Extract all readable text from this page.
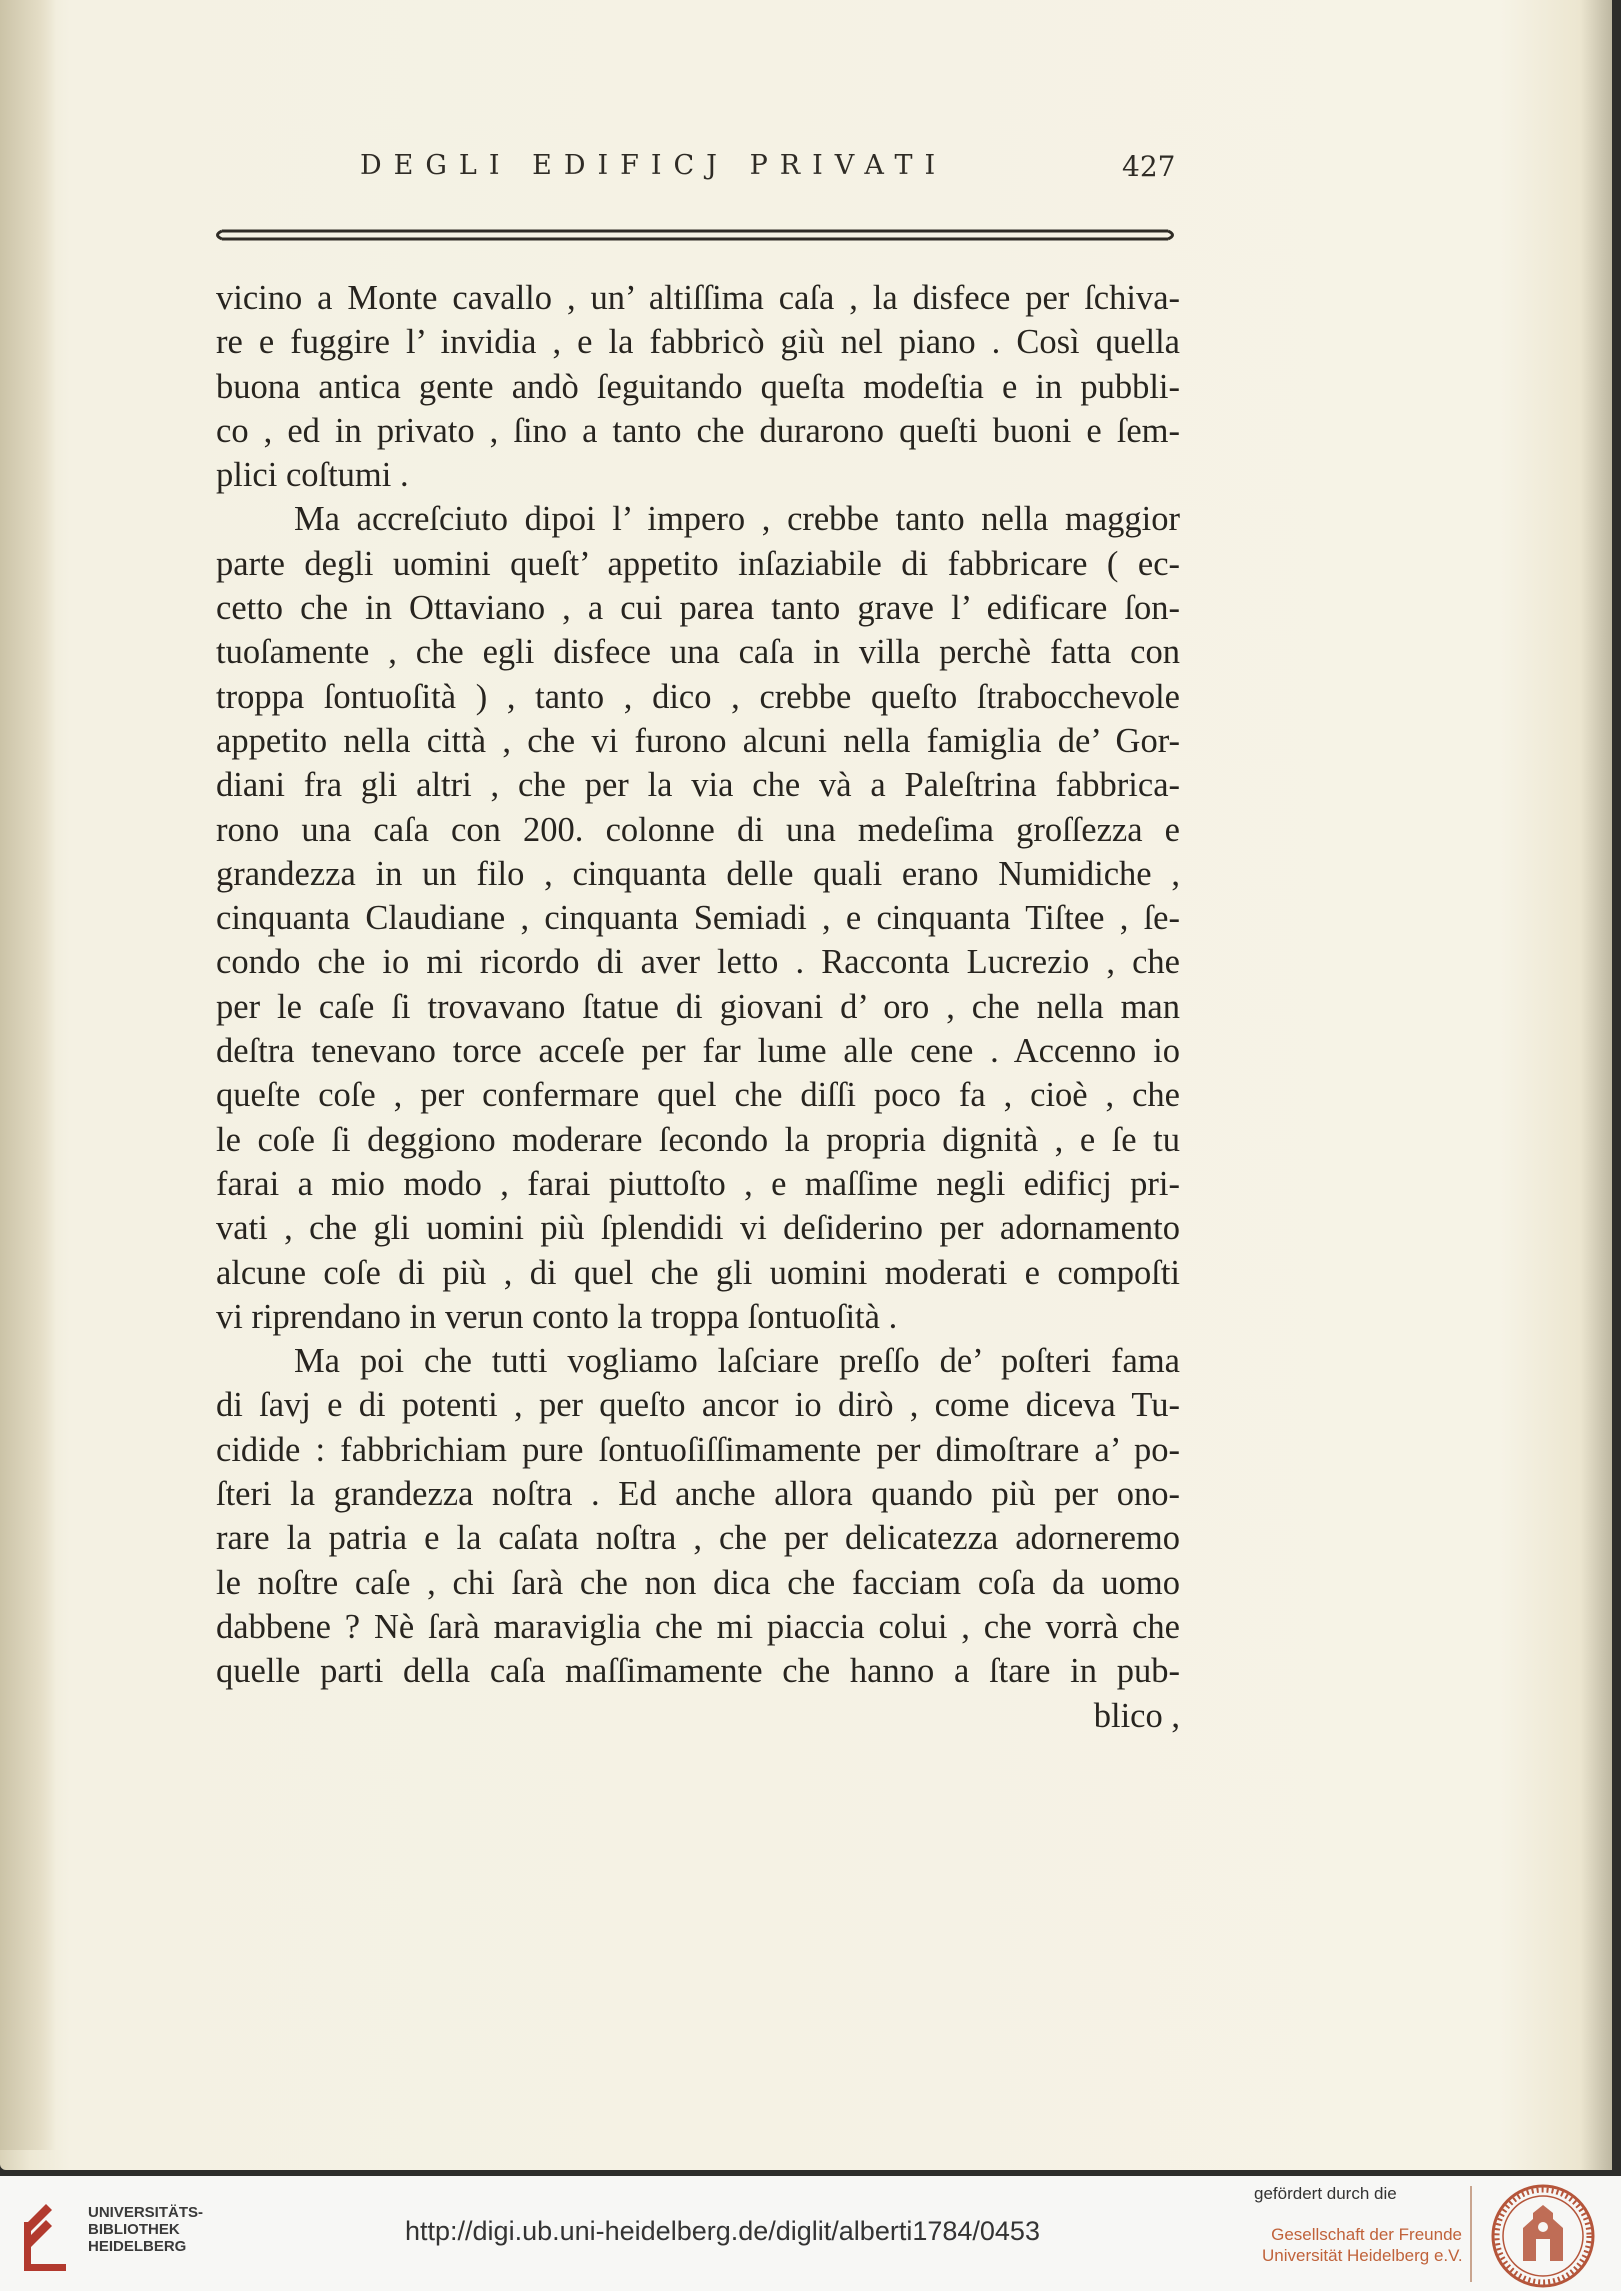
DEGLI EDIFICJ PRIVATI	427
vicino a Monte cavallo , un’ altiſſima caſa , la disfece per ſchiva-
re e fuggire l’ invidia , e la fabbricò giù nel piano . Così quella
buona antica gente andò ſeguitando queſta modeſtia e in pubbli-
co , ed in privato , ſino a tanto che durarono queſti buoni e ſem-
plici coſtumi .
Ma accreſciuto dipoi l’ impero , crebbe tanto nella maggior
parte degli uomini queſt’ appetito inſaziabile di fabbricare ( ec-
cetto che in Ottaviano , a cui parea tanto grave l’ edificare ſon-
tuoſamente , che egli disfece una caſa in villa perchè fatta con
troppa ſontuoſità ) , tanto , dico , crebbe queſto ſtrabocchevole
appetito nella città , che vi furono alcuni nella famiglia de’ Gor-
diani fra gli altri , che per la via che và a Paleſtrina fabbrica-
rono una caſa con 200. colonne di una medeſima groſſezza e
grandezza in un filo , cinquanta delle quali erano Numidiche ,
cinquanta Claudiane , cinquanta Semiadi , e cinquanta Tiſtee , ſe-
condo che io mi ricordo di aver letto . Racconta Lucrezio , che
per le caſe ſi trovavano ſtatue di giovani d’ oro , che nella man
deſtra tenevano torce acceſe per far lume alle cene . Accenno io
queſte coſe , per confermare quel che diſſi poco fa , cioè , che
le coſe ſi deggiono moderare ſecondo la propria dignità , e ſe tu
farai a mio modo , farai piuttoſto , e maſſime negli edificj pri-
vati , che gli uomini più ſplendidi vi deſiderino per adornamento
alcune coſe di più , di quel che gli uomini moderati e compoſti
vi riprendano in verun conto la troppa ſontuoſità .
Ma poi che tutti vogliamo laſciare preſſo de’ poſteri fama
di ſavj e di potenti , per queſto ancor io dirò , come diceva Tu-
cidide : fabbrichiam pure ſontuoſiſſimamente per dimoſtrare a’ po-
ſteri la grandezza noſtra . Ed anche allora quando più per ono-
rare la patria e la caſata noſtra , che per delicatezza adorneremo
le noſtre caſe , chi ſarà che non dica che facciam coſa da uomo
dabbene ? Nè ſarà maraviglia che mi piaccia colui , che vorrà che
quelle parti della caſa maſſimamente che hanno a ſtare in pub-
blico ,
UNIVERSITÄTS-
BIBLIOTHEK
HEIDELBERG
http://digi.ub.uni-heidelberg.de/diglit/alberti1784/0453
gefördert durch die
Gesellschaft der Freunde
Universität Heidelberg e.V.
